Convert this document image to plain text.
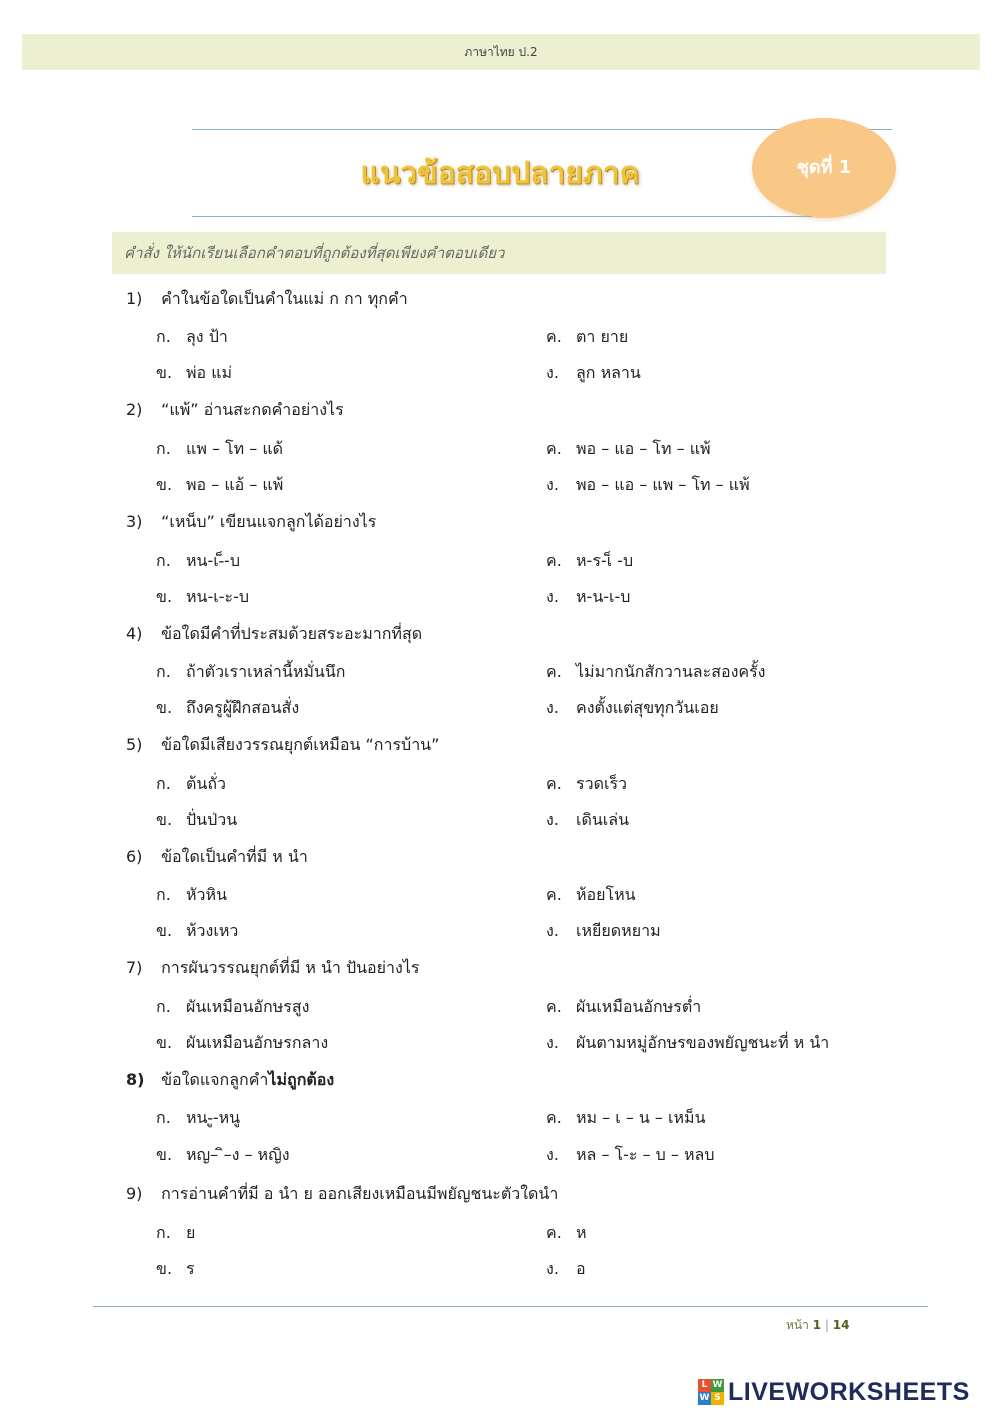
ภาษาไทย ป.2
แนวข้อสอบปลายภาค	ชุดที่ 1
คำสั่ง ให้นักเรียนเลือกคำตอบที่ถูกต้องที่สุดเพียงคำตอบเดียว
1) คำในข้อใดเป็นคำในแม่ ก กา ทุกคำ
ก. ลุง ป้า
ข. พ่อ แม่
ค. ตา ยาย
ง. ลูก หลาน
2) “แพ้” อ่านสะกดคำอย่างไร
ก. แพ – โท – แด้
ข. พอ – แอ้ – แพ้
ค. พอ – แอ – โท – แพ้
ง. พอ – แอ – แพ – โท – แพ้
3) “เหน็บ” เขียนแจกลูกได้อย่างไร
ก. หน-เ-็-บ
ข. หน-เ-ะ-บ
ค. ห-ร-เ็ -บ
ง. ห-น-เ-บ
4) ข้อใดมีคำที่ประสมด้วยสระอะมากที่สุด
ก. ถ้าตัวเราเหล่านี้หมั่นนึก
ข. ถึงครูผู้ฝึกสอนสั่ง
ค. ไม่มากนักสักวานละสองครั้ง
ง. คงตั้งแต่สุขทุกวันเอย
5) ข้อใดมีเสียงวรรณยุกต์เหมือน “การบ้าน”
ก. ต้นถั่ว
ข. ปั่นป่วน
ค. รวดเร็ว
ง. เดินเล่น
6) ข้อใดเป็นคำที่มี ห นำ
ก. หัวหิน
ข. ห้วงเหว
ค. ห้อยโหน
ง. เหยียดหยาม
7) การผันวรรณยุกต์ที่มี ห นำ ปันอย่างไร
ก. ผันเหมือนอักษรสูง
ข. ผันเหมือนอักษรกลาง
ค. ผันเหมือนอักษรต่ำ
ง. ผันตามหมู่อักษรของพยัญชนะที่ ห นำ
8) ข้อใดแจกลูกคำไม่ถูกต้อง
ก. หน-ู-หนู
ข. หญ– ิ–ง – หญิง
ค. หม – เ – น – เหม็น
ง. หล – โ-ะ – บ – หลบ
9) การอ่านคำที่มี อ นำ ย ออกเสียงเหมือนมีพยัญชนะตัวใดนำ
ก. ย
ข. ร
ค. ห
ง. อ
หน้า 1 | 14
L W
W S LIVEWORKSHEETS
